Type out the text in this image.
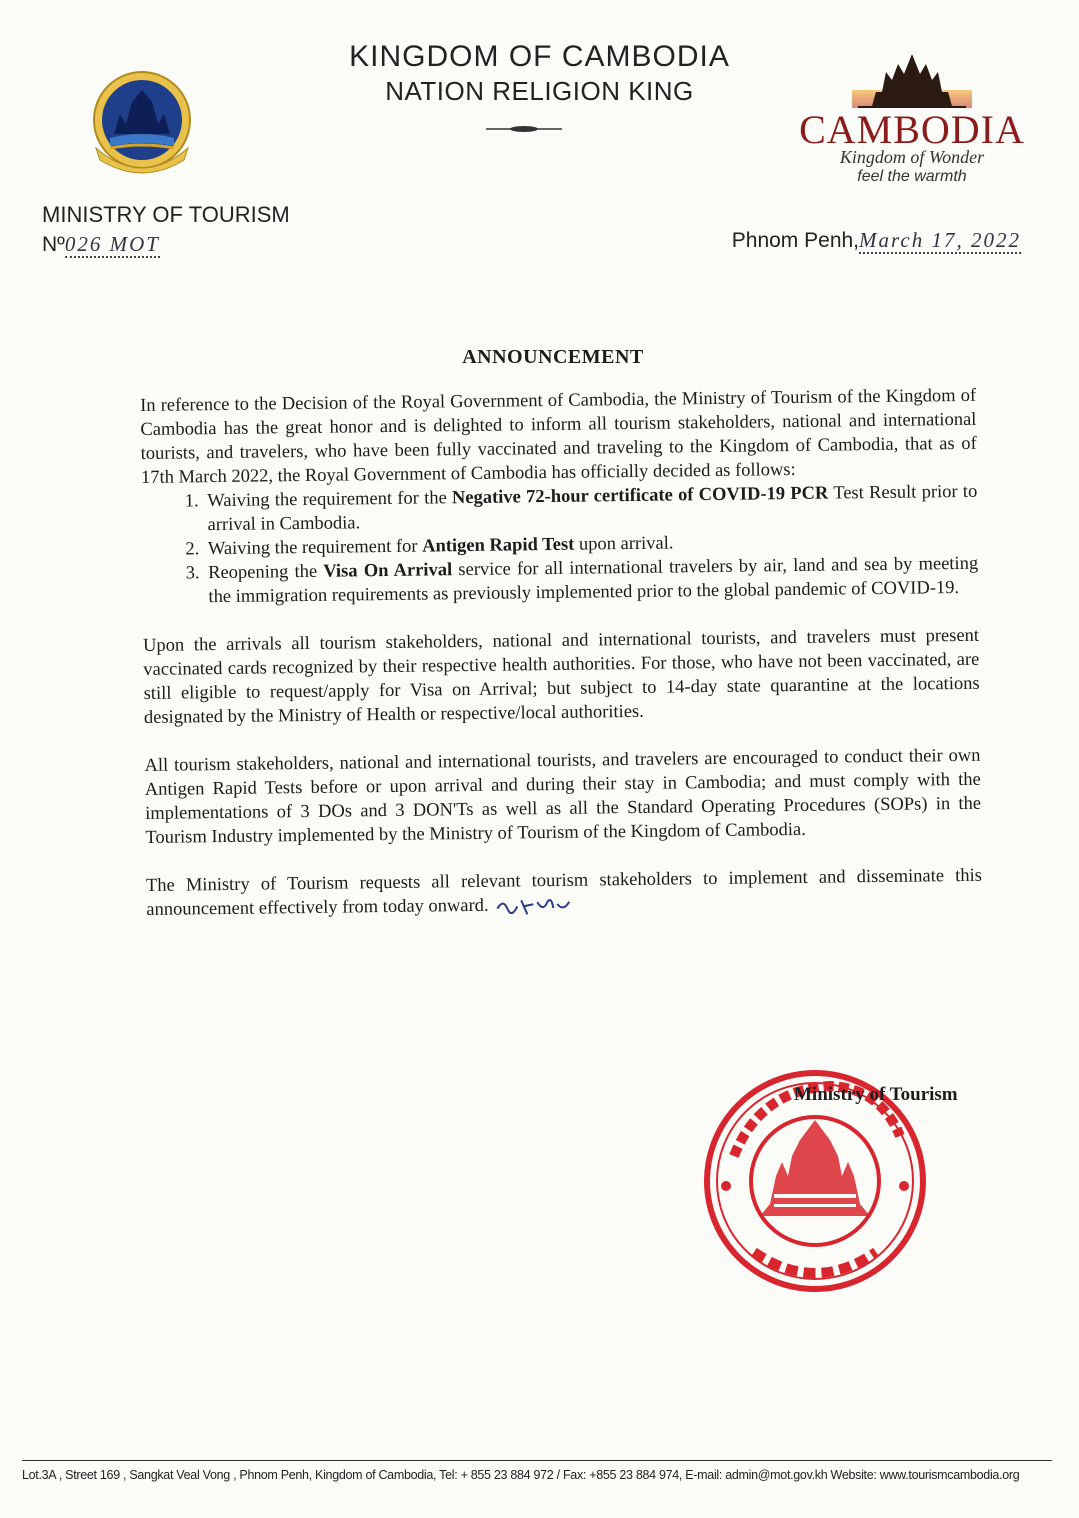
KINGDOM OF CAMBODIA
NATION RELIGION KING
CAMBODIA
Kingdom of Wonder
feel the warmth
MINISTRY OF TOURISM
Nº026 MOT	Phnom Penh,March 17, 2022
ANNOUNCEMENT

In reference to the Decision of the Royal Government of Cambodia, the Ministry of Tourism of the Kingdom of Cambodia has the great honor and is delighted to inform all tourism stakeholders, national and international tourists, and travelers, who have been fully vaccinated and traveling to the Kingdom of Cambodia, that as of 17th March 2022, the Royal Government of Cambodia has officially decided as follows:

1. Waiving the requirement for the Negative 72-hour certificate of COVID-19 PCR Test Result prior to arrival in Cambodia.
2. Waiving the requirement for Antigen Rapid Test upon arrival.
3. Reopening the Visa On Arrival service for all international travelers by air, land and sea by meeting the immigration requirements as previously implemented prior to the global pandemic of COVID-19.

Upon the arrivals all tourism stakeholders, national and international tourists, and travelers must present vaccinated cards recognized by their respective health authorities. For those, who have not been vaccinated, are still eligible to request/apply for Visa on Arrival; but subject to 14-day state quarantine at the locations designated by the Ministry of Health or respective/local authorities.

All tourism stakeholders, national and international tourists, and travelers are encouraged to conduct their own Antigen Rapid Tests before or upon arrival and during their stay in Cambodia; and must comply with the implementations of 3 DOs and 3 DON'Ts as well as all the Standard Operating Procedures (SOPs) in the Tourism Industry implemented by the Ministry of Tourism of the Kingdom of Cambodia.

The Ministry of Tourism requests all relevant tourism stakeholders to implement and disseminate this announcement effectively from today onward.

Ministry of Tourism
Lot.3A , Street 169 , Sangkat Veal Vong , Phnom Penh, Kingdom of Cambodia, Tel: + 855 23 884 972 / Fax: +855 23 884 974, E-mail: admin@mot.gov.kh Website: www.tourismcambodia.org
